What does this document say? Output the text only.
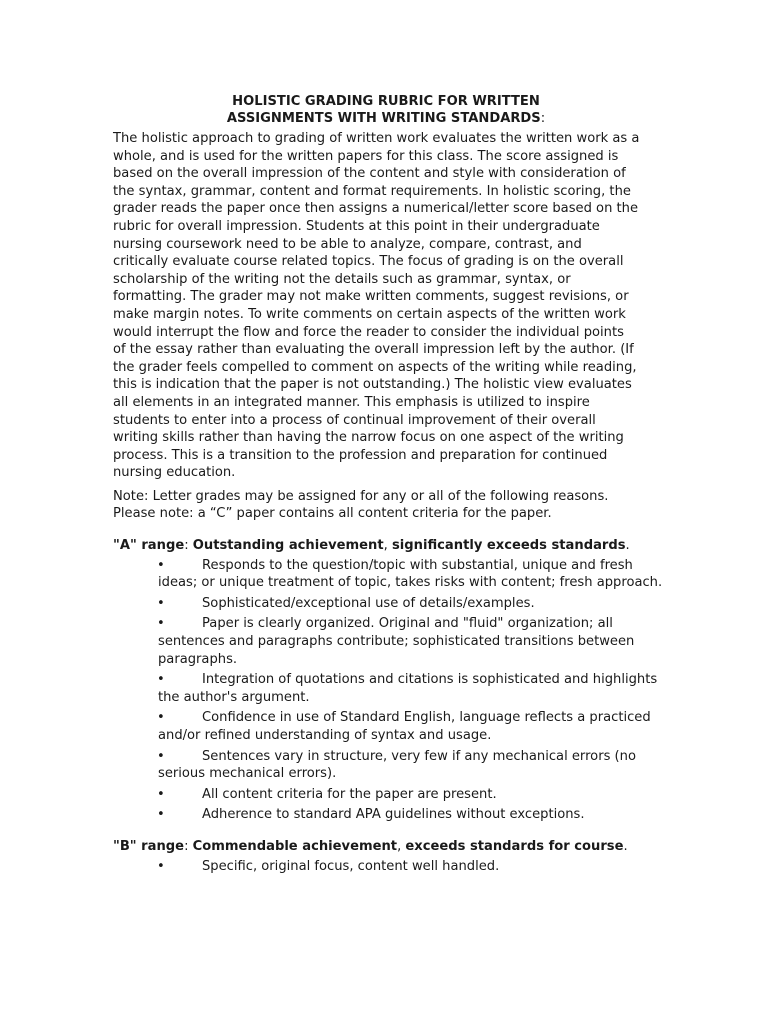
HOLISTIC GRADING RUBRIC FOR WRITTEN
ASSIGNMENTS WITH WRITING STANDARDS:
The holistic approach to grading of written work evaluates the written work as a
whole, and is used for the written papers for this class. The score assigned is
based on the overall impression of the content and style with consideration of
the syntax, grammar, content and format requirements. In holistic scoring, the
grader reads the paper once then assigns a numerical/letter score based on the
rubric for overall impression. Students at this point in their undergraduate
nursing coursework need to be able to analyze, compare, contrast, and
critically evaluate course related topics. The focus of grading is on the overall
scholarship of the writing not the details such as grammar, syntax, or
formatting. The grader may not make written comments, suggest revisions, or
make margin notes. To write comments on certain aspects of the written work
would interrupt the flow and force the reader to consider the individual points
of the essay rather than evaluating the overall impression left by the author. (If
the grader feels compelled to comment on aspects of the writing while reading,
this is indication that the paper is not outstanding.) The holistic view evaluates
all elements in an integrated manner. This emphasis is utilized to inspire
students to enter into a process of continual improvement of their overall
writing skills rather than having the narrow focus on one aspect of the writing
process. This is a transition to the profession and preparation for continued
nursing education.
Note: Letter grades may be assigned for any or all of the following reasons.
Please note: a “C” paper contains all content criteria for the paper.
"A" range: Outstanding achievement, significantly exceeds standards.
•	Responds to the question/topic with substantial, unique and fresh ideas; or unique treatment of topic, takes risks with content; fresh approach.
•	Sophisticated/exceptional use of details/examples.
•	Paper is clearly organized. Original and "fluid" organization; all sentences and paragraphs contribute; sophisticated transitions between paragraphs.
•	Integration of quotations and citations is sophisticated and highlights the author's argument.
•	Confidence in use of Standard English, language reflects a practiced and/or refined understanding of syntax and usage.
•	Sentences vary in structure, very few if any mechanical errors (no serious mechanical errors).
•	All content criteria for the paper are present.
•	Adherence to standard APA guidelines without exceptions.
"B" range: Commendable achievement, exceeds standards for course.
•	Specific, original focus, content well handled.
